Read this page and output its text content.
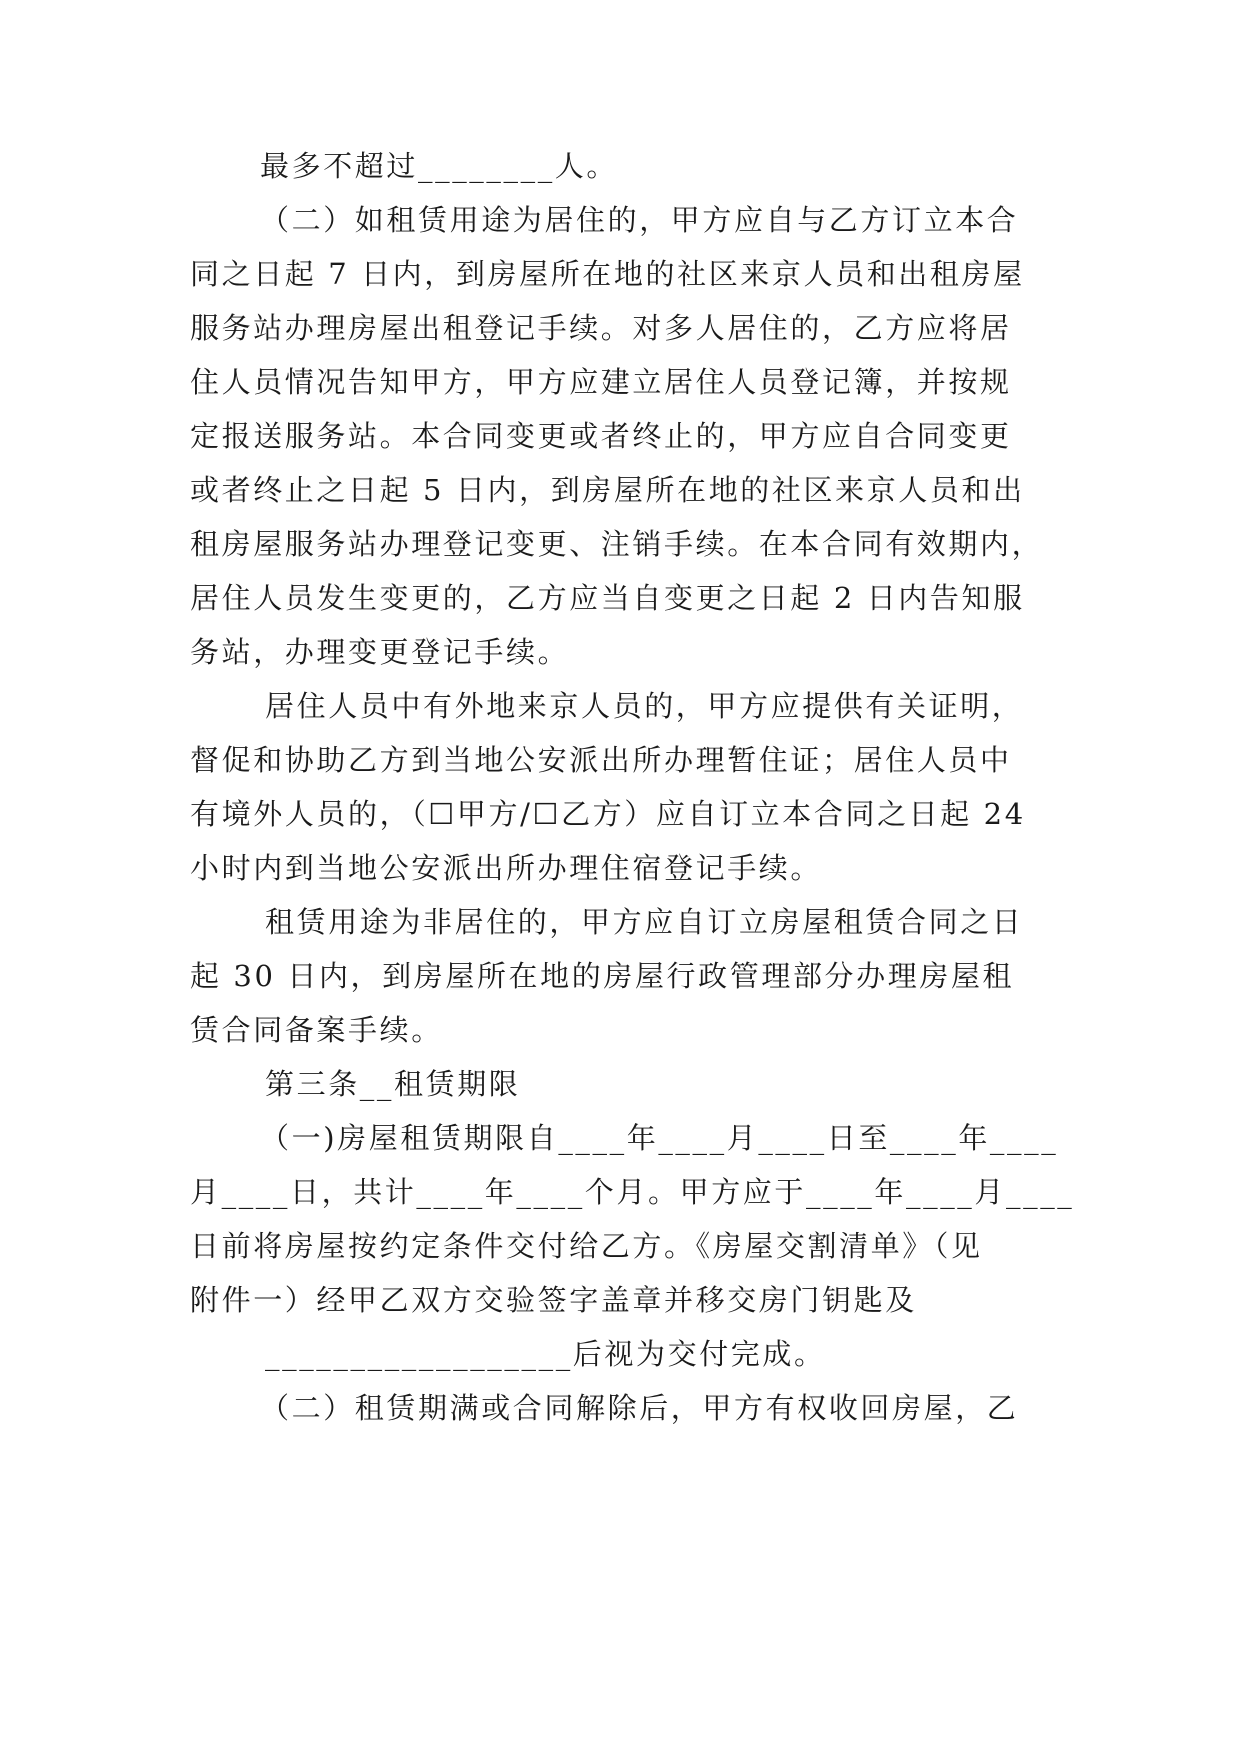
最多不超过________人。
（二）如租赁用途为居住的，甲方应自与乙方订立本合
同之日起 7 日内，到房屋所在地的社区来京人员和出租房屋
服务站办理房屋出租登记手续。对多人居住的，乙方应将居
住人员情况告知甲方，甲方应建立居住人员登记簿，并按规
定报送服务站。本合同变更或者终止的，甲方应自合同变更
或者终止之日起 5 日内，到房屋所在地的社区来京人员和出
租房屋服务站办理登记变更、注销手续。在本合同有效期内，
居住人员发生变更的，乙方应当自变更之日起 2 日内告知服
务站，办理变更登记手续。
居住人员中有外地来京人员的，甲方应提供有关证明，
督促和协助乙方到当地公安派出所办理暂住证；居住人员中
有境外人员的，（☐甲方/☐乙方）应自订立本合同之日起 24
小时内到当地公安派出所办理住宿登记手续。
租赁用途为非居住的，甲方应自订立房屋租赁合同之日
起 30 日内，到房屋所在地的房屋行政管理部分办理房屋租
赁合同备案手续。
第三条__租赁期限
（一)房屋租赁期限自____年____月____日至____年____
月____日，共计____年____个月。甲方应于____年____月____
日前将房屋按约定条件交付给乙方。《房屋交割清单》（见
附件一）经甲乙双方交验签字盖章并移交房门钥匙及
__________________后视为交付完成。
（二）租赁期满或合同解除后，甲方有权收回房屋，乙
